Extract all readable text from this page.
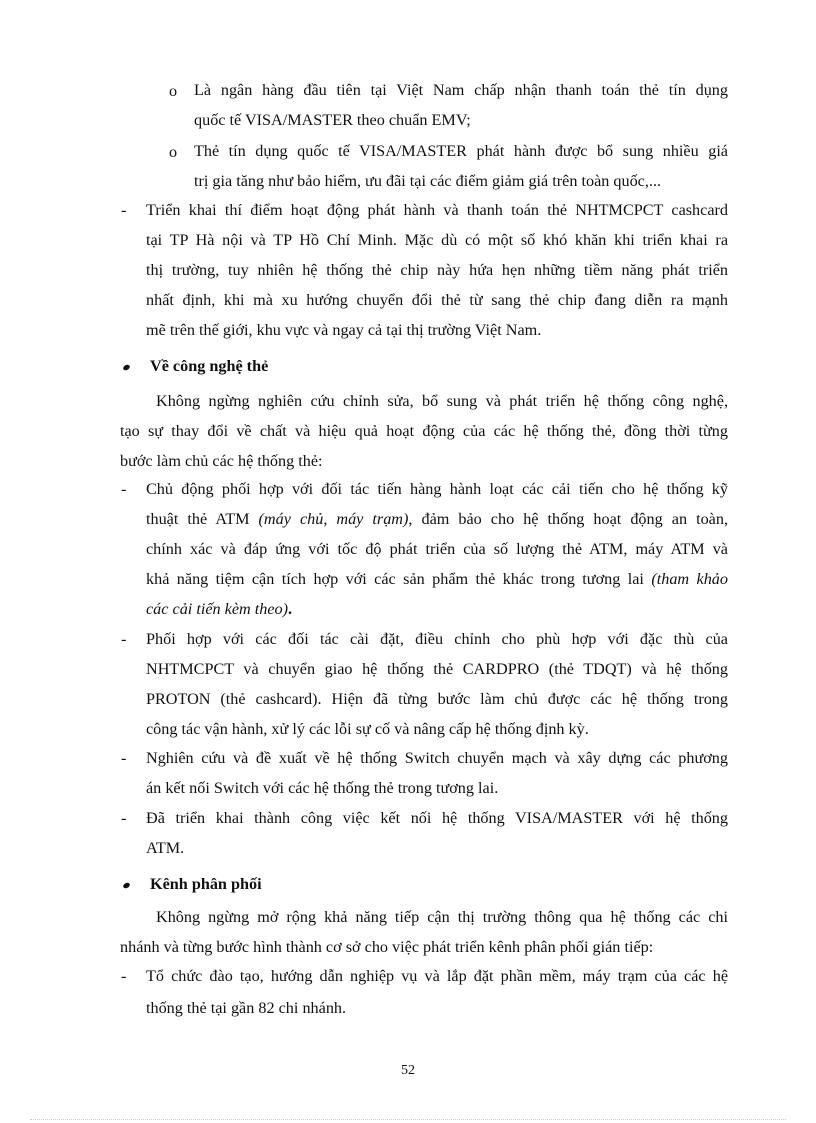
o Là ngân hàng đầu tiên tại Việt Nam chấp nhận thanh toán thẻ tín dụng
quốc tế VISA/MASTER theo chuẩn EMV;
o Thẻ tín dụng quốc tế VISA/MASTER phát hành được bổ sung nhiều giá
trị gia tăng như bảo hiểm, ưu đãi tại các điểm giảm giá trên toàn quốc,...
- Triển khai thí điểm hoạt động phát hành và thanh toán thẻ NHTMCPCT cashcard
tại TP Hà nội và TP Hồ Chí Minh. Mặc dù có một số khó khăn khi triển khai ra
thị trường, tuy nhiên hệ thống thẻ chip này hứa hẹn những tiềm năng phát triển
nhất định, khi mà xu hướng chuyển đổi thẻ từ sang thẻ chip đang diễn ra mạnh
mẽ trên thế giới, khu vực và ngay cả tại thị trường Việt Nam.
Về công nghệ thẻ
Không ngừng nghiên cứu chỉnh sửa, bổ sung và phát triển hệ thống công nghệ,
tạo sự thay đổi về chất và hiệu quả hoạt động của các hệ thống thẻ, đồng thời từng
bước làm chủ các hệ thống thẻ:
- Chủ động phối hợp với đối tác tiến hàng hành loạt các cải tiến cho hệ thống kỹ
thuật thẻ ATM (máy chủ, máy trạm), đảm bảo cho hệ thống hoạt động an toàn,
chính xác và đáp ứng với tốc độ phát triển của số lượng thẻ ATM, máy ATM và
khả năng tiệm cận tích hợp với các sản phẩm thẻ khác trong tương lai (tham khảo
các cải tiến kèm theo).
- Phối hợp với các đối tác cài đặt, điều chỉnh cho phù hợp với đặc thù của
NHTMCPCT và chuyển giao hệ thống thẻ CARDPRO (thẻ TDQT) và hệ thống
PROTON (thẻ cashcard). Hiện đã từng bước làm chủ được các hệ thống trong
công tác vận hành, xử lý các lỗi sự cố và nâng cấp hệ thống định kỳ.
- Nghiên cứu và đề xuất về hệ thống Switch chuyển mạch và xây dựng các phương
án kết nối Switch với các hệ thống thẻ trong tương lai.
- Đã triển khai thành công việc kết nối hệ thống VISA/MASTER với hệ thống
ATM.
Kênh phân phối
Không ngừng mở rộng khả năng tiếp cận thị trường thông qua hệ thống các chi
nhánh và từng bước hình thành cơ sở cho việc phát triển kênh phân phối gián tiếp:
- Tổ chức đào tạo, hướng dẫn nghiệp vụ và lắp đặt phần mềm, máy trạm của các hệ
thống thẻ tại gần 82 chi nhánh.
52
